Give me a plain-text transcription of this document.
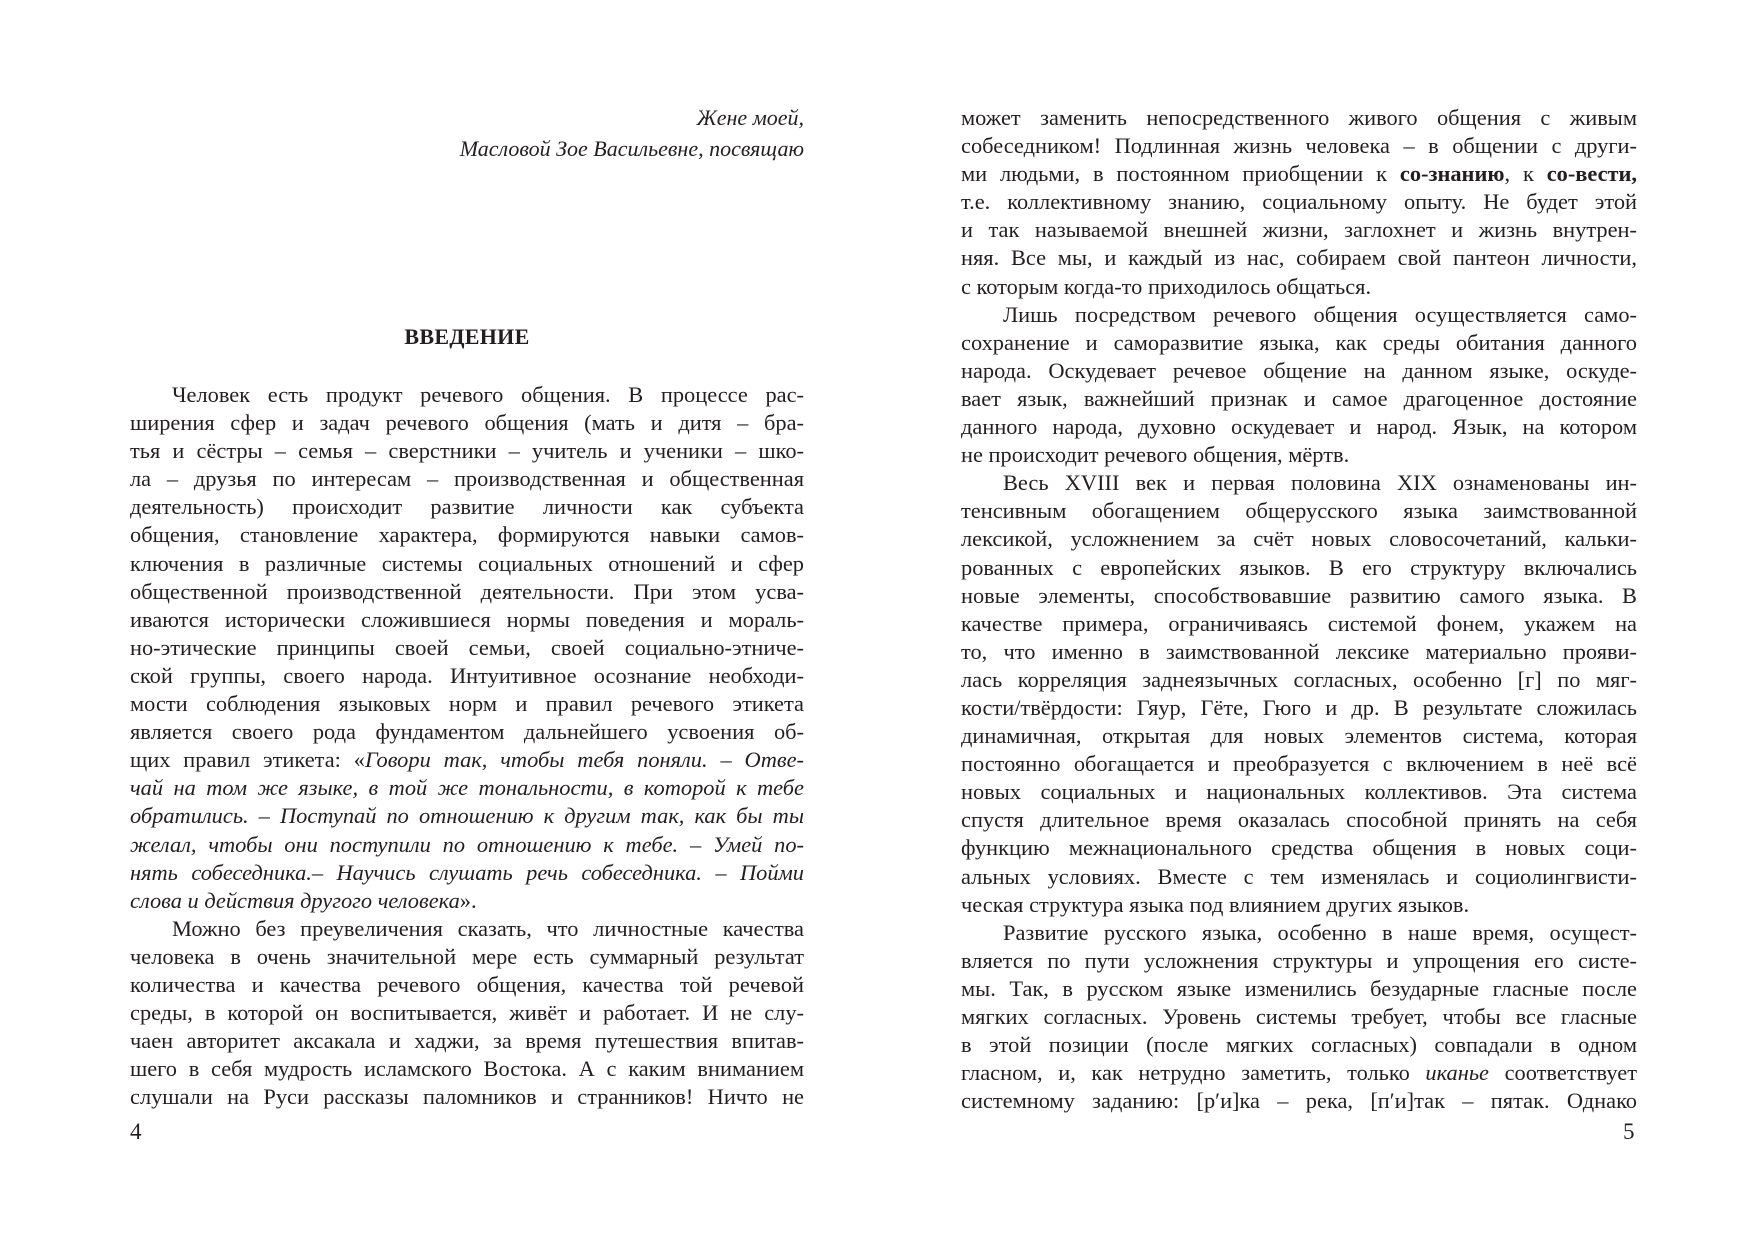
Жене моей,
Масловой Зое Васильевне, посвящаю
ВВЕДЕНИЕ
Человек есть продукт речевого общения. В процессе рас-
ширения сфер и задач речевого общения (мать и дитя – бра-
тья и сёстры – семья – сверстники – учитель и ученики – шко-
ла – друзья по интересам – производственная и общественная
деятельность) происходит развитие личности как субъекта
общения, становление характера, формируются навыки самов-
ключения в различные системы социальных отношений и сфер
общественной производственной деятельности. При этом усва-
иваются исторически сложившиеся нормы поведения и мораль-
но-этические принципы своей семьи, своей социально-этниче-
ской группы, своего народа. Интуитивное осознание необходи-
мости соблюдения языковых норм и правил речевого этикета
является своего рода фундаментом дальнейшего усвоения об-
щих правил этикета: «Говори так, чтобы тебя поняли. – Отве-
чай на том же языке, в той же тональности, в которой к тебе
обратились. – Поступай по отношению к другим так, как бы ты
желал, чтобы они поступили по отношению к тебе. – Умей по-
нять собеседника.– Научись слушать речь собеседника. – Пойми
слова и действия другого человека».
Можно без преувеличения сказать, что личностные качества
человека в очень значительной мере есть суммарный результат
количества и качества речевого общения, качества той речевой
среды, в которой он воспитывается, живёт и работает. И не слу-
чаен авторитет аксакала и хаджи, за время путешествия впитав-
шего в себя мудрость исламского Востока. А с каким вниманием
слушали на Руси рассказы паломников и странников! Ничто не
4
может заменить непосредственного живого общения с живым
собеседником! Подлинная жизнь человека – в общении с други-
ми людьми, в постоянном приобщении к со-знанию, к со-вести,
т.е. коллективному знанию, социальному опыту. Не будет этой
и так называемой внешней жизни, заглохнет и жизнь внутрен-
няя. Все мы, и каждый из нас, собираем свой пантеон личности,
с которым когда-то приходилось общаться.
Лишь посредством речевого общения осуществляется само-
сохранение и саморазвитие языка, как среды обитания данного
народа. Оскудевает речевое общение на данном языке, оскуде-
вает язык, важнейший признак и самое драгоценное достояние
данного народа, духовно оскудевает и народ. Язык, на котором
не происходит речевого общения, мёртв.
Весь XVIII век и первая половина XIX ознаменованы ин-
тенсивным обогащением общерусского языка заимствованной
лексикой, усложнением за счёт новых словосочетаний, кальки-
рованных с европейских языков. В его структуру включались
новые элементы, способствовавшие развитию самого языка. В
качестве примера, ограничиваясь системой фонем, укажем на
то, что именно в заимствованной лексике материально прояви-
лась корреляция заднеязычных согласных, особенно [г] по мяг-
кости/твёрдости: Гяур, Гёте, Гюго и др. В результате сложилась
динамичная, открытая для новых элементов система, которая
постоянно обогащается и преобразуется с включением в неё всё
новых социальных и национальных коллективов. Эта система
спустя длительное время оказалась способной принять на себя
функцию межнационального средства общения в новых соци-
альных условиях. Вместе с тем изменялась и социолингвисти-
ческая структура языка под влиянием других языков.
Развитие русского языка, особенно в наше время, осущест-
вляется по пути усложнения структуры и упрощения его систе-
мы. Так, в русском языке изменились безударные гласные после
мягких согласных. Уровень системы требует, чтобы все гласные
в этой позиции (после мягких согласных) совпадали в одном
гласном, и, как нетрудно заметить, только иканье соответствует
системному заданию: [р′и]ка – река, [п′и]так – пятак. Однако
5
